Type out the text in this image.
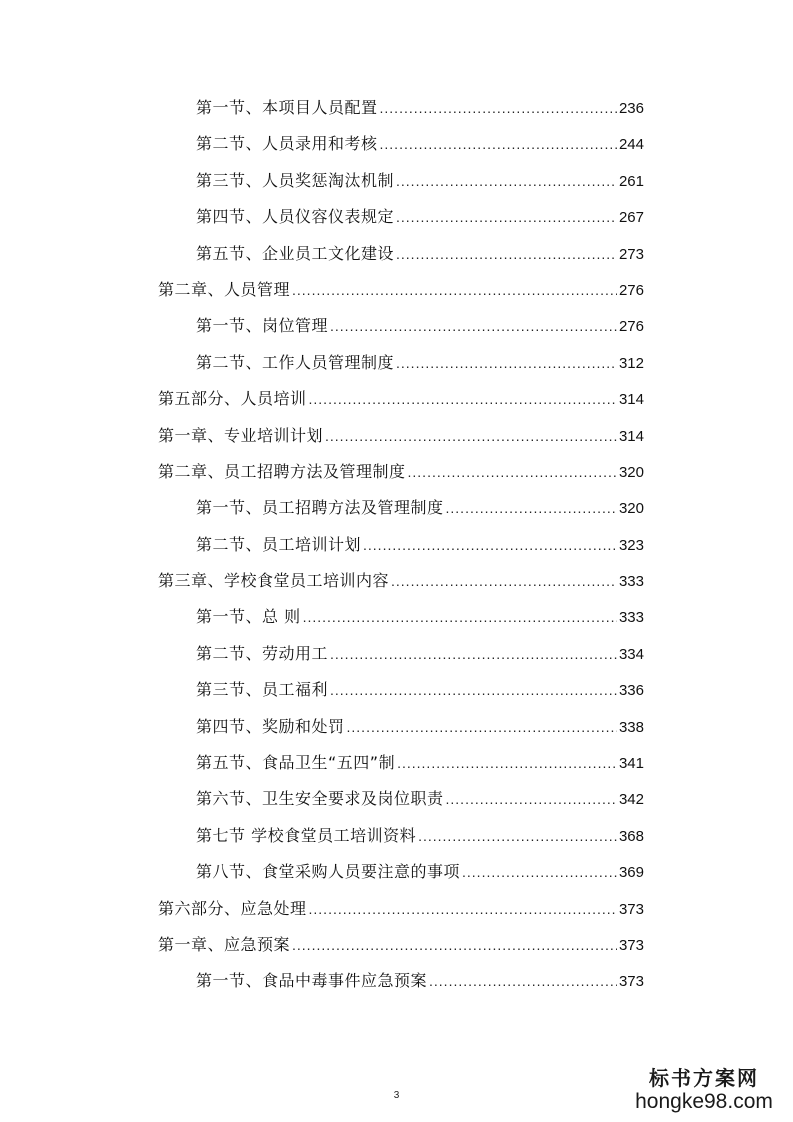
第一节、本项目人员配置 .....	236
第二节、人员录用和考核 .....	244
第三节、人员奖惩淘汰机制 .....	261
第四节、人员仪容仪表规定 .....	267
第五节、企业员工文化建设 .....	273
第二章、人员管理 .....	276
第一节、岗位管理 .....	276
第二节、工作人员管理制度 .....	312
第五部分、人员培训 .....	314
第一章、专业培训计划 .....	314
第二章、员工招聘方法及管理制度 .....	320
第一节、员工招聘方法及管理制度 .....	320
第二节、员工培训计划 .....	323
第三章、学校食堂员工培训内容 .....	333
第一节、总 则 .....	333
第二节、劳动用工 .....	334
第三节、员工福利 .....	336
第四节、奖励和处罚 .....	338
第五节、食品卫生“五四”制 .....	341
第六节、卫生安全要求及岗位职责 .....	342
第七节 学校食堂员工培训资料 .....	368
第八节、食堂采购人员要注意的事项 .....	369
第六部分、应急处理 .....	373
第一章、应急预案 .....	373
第一节、食品中毒事件应急预案 .....	373
3
标书方案网
hongke98.com
